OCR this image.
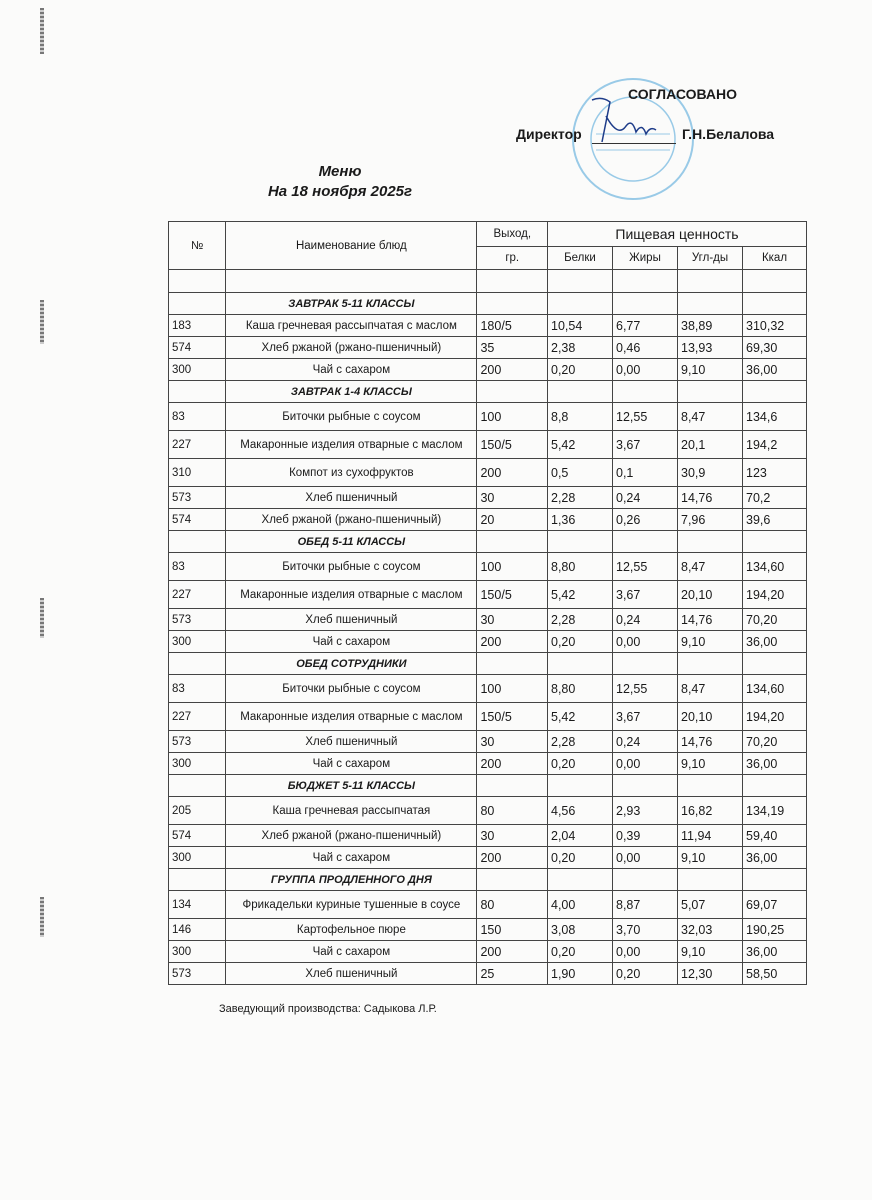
СОГЛАСОВАНО
Директор	Г.Н.Белалова
Меню
На 18 ноября 2025г
№	Наименование блюд	Выход,	Пищевая ценность			
		гр.	Белки	Жиры	Угл-ды	Ккал

	ЗАВТРАК 5-11 КЛАССЫ					
183	Каша гречневая рассыпчатая с маслом	180/5	10,54	6,77	38,89	310,32
574	Хлеб ржаной (ржано-пшеничный)	35	2,38	0,46	13,93	69,30
300	Чай с сахаром	200	0,20	0,00	9,10	36,00
	ЗАВТРАК 1-4 КЛАССЫ					
83	Биточки рыбные с соусом	100	8,8	12,55	8,47	134,6
227	Макаронные изделия отварные с маслом	150/5	5,42	3,67	20,1	194,2
310	Компот из сухофруктов	200	0,5	0,1	30,9	123
573	Хлеб пшеничный	30	2,28	0,24	14,76	70,2
574	Хлеб ржаной (ржано-пшеничный)	20	1,36	0,26	7,96	39,6
	ОБЕД 5-11 КЛАССЫ					
83	Биточки рыбные с соусом	100	8,80	12,55	8,47	134,60
227	Макаронные изделия отварные с маслом	150/5	5,42	3,67	20,10	194,20
573	Хлеб пшеничный	30	2,28	0,24	14,76	70,20
300	Чай с сахаром	200	0,20	0,00	9,10	36,00
	ОБЕД СОТРУДНИКИ					
83	Биточки рыбные с соусом	100	8,80	12,55	8,47	134,60
227	Макаронные изделия отварные с маслом	150/5	5,42	3,67	20,10	194,20
573	Хлеб пшеничный	30	2,28	0,24	14,76	70,20
300	Чай с сахаром	200	0,20	0,00	9,10	36,00
	БЮДЖЕТ 5-11 КЛАССЫ					
205	Каша гречневая рассыпчатая	80	4,56	2,93	16,82	134,19
574	Хлеб ржаной (ржано-пшеничный)	30	2,04	0,39	11,94	59,40
300	Чай с сахаром	200	0,20	0,00	9,10	36,00
	ГРУППА ПРОДЛЕННОГО ДНЯ					
134	Фрикадельки куриные тушенные в соусе	80	4,00	8,87	5,07	69,07
146	Картофельное пюре	150	3,08	3,70	32,03	190,25
300	Чай с сахаром	200	0,20	0,00	9,10	36,00
573	Хлеб пшеничный	25	1,90	0,20	12,30	58,50
Заведующий производства: Садыкова Л.Р.
